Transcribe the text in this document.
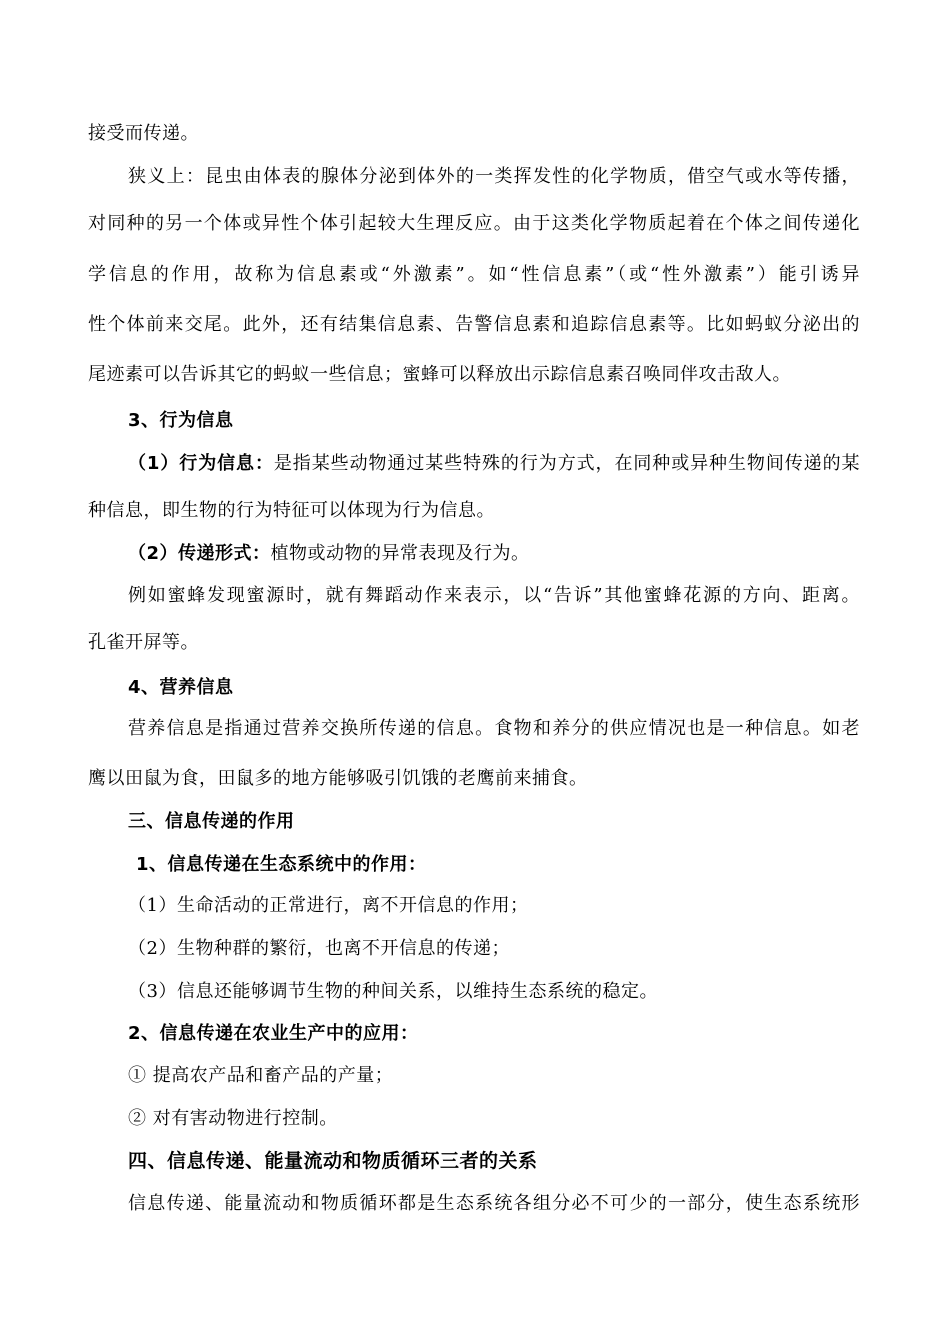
接受而传递。
狭义上：昆虫由体表的腺体分泌到体外的一类挥发性的化学物质，借空气或水等传播，
对同种的另一个体或异性个体引起较大生理反应。由于这类化学物质起着在个体之间传递化
学信息的作用，故称为信息素或“外激素”。如“性信息素”（或“性外激素”）能引诱异
性个体前来交尾。此外，还有结集信息素、告警信息素和追踪信息素等。比如蚂蚁分泌出的
尾迹素可以告诉其它的蚂蚁一些信息；蜜蜂可以释放出示踪信息素召唤同伴攻击敌人。
3、行为信息
（1）行为信息：是指某些动物通过某些特殊的行为方式，在同种或异种生物间传递的某
种信息，即生物的行为特征可以体现为行为信息。
（2）传递形式：植物或动物的异常表现及行为。
例如蜜蜂发现蜜源时，就有舞蹈动作来表示，以“告诉”其他蜜蜂花源的方向、距离。
孔雀开屏等。
4、营养信息
营养信息是指通过营养交换所传递的信息。食物和养分的供应情况也是一种信息。如老
鹰以田鼠为食，田鼠多的地方能够吸引饥饿的老鹰前来捕食。
三、信息传递的作用
1、信息传递在生态系统中的作用：
（1）生命活动的正常进行，离不开信息的作用；
（2）生物种群的繁衍，也离不开信息的传递；
（3）信息还能够调节生物的种间关系，以维持生态系统的稳定。
2、信息传递在农业生产中的应用：
① 提高农产品和畜产品的产量；
② 对有害动物进行控制。
四、信息传递、能量流动和物质循环三者的关系
信息传递、能量流动和物质循环都是生态系统各组分必不可少的一部分，使生态系统形
